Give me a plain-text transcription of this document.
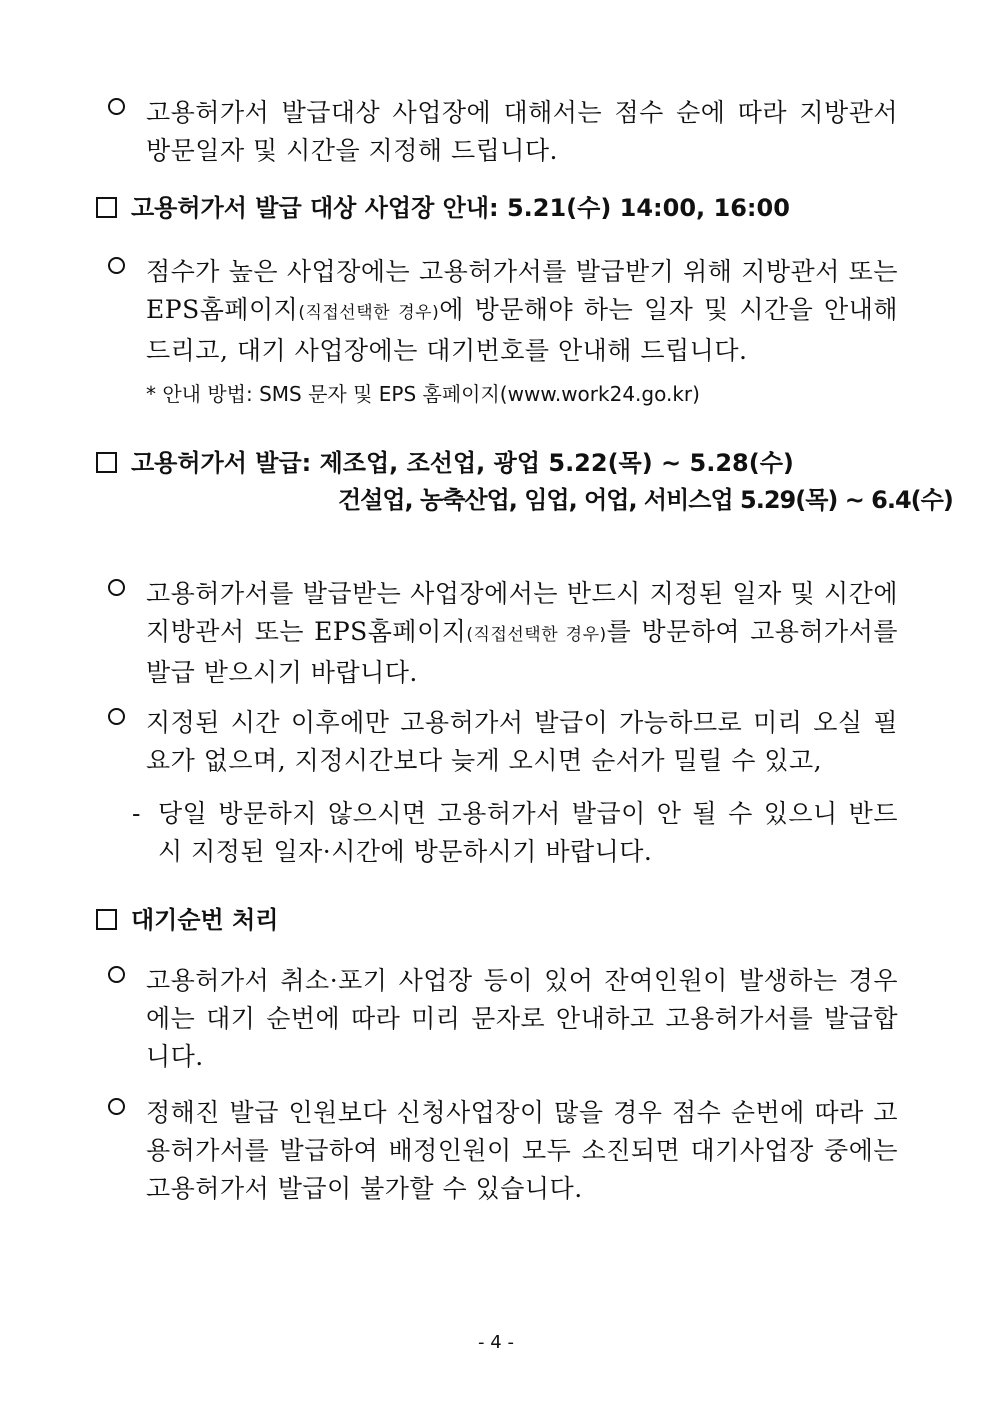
고용허가서 발급대상 사업장에 대해서는 점수 순에 따라 지방관서 방문일자 및 시간을 지정해 드립니다.
고용허가서 발급 대상 사업장 안내: 5.21(수) 14:00, 16:00
점수가 높은 사업장에는 고용허가서를 발급받기 위해 지방관서 또는 EPS홈페이지(직접선택한 경우)에 방문해야 하는 일자 및 시간을 안내해 드리고, 대기 사업장에는 대기번호를 안내해 드립니다.
* 안내 방법: SMS 문자 및 EPS 홈페이지(www.work24.go.kr)
고용허가서 발급: 제조업, 조선업, 광업 5.22(목) ~ 5.28(수)
건설업, 농축산업, 임업, 어업, 서비스업 5.29(목) ~ 6.4(수)
고용허가서를 발급받는 사업장에서는 반드시 지정된 일자 및 시간에 지방관서 또는 EPS홈페이지(직접선택한 경우)를 방문하여 고용허가서를 발급 받으시기 바랍니다.
지정된 시간 이후에만 고용허가서 발급이 가능하므로 미리 오실 필요가 없으며, 지정시간보다 늦게 오시면 순서가 밀릴 수 있고,
- 당일 방문하지 않으시면 고용허가서 발급이 안 될 수 있으니 반드시 지정된 일자·시간에 방문하시기 바랍니다.
대기순번 처리
고용허가서 취소·포기 사업장 등이 있어 잔여인원이 발생하는 경우에는 대기 순번에 따라 미리 문자로 안내하고 고용허가서를 발급합니다.
정해진 발급 인원보다 신청사업장이 많을 경우 점수 순번에 따라 고용허가서를 발급하여 배정인원이 모두 소진되면 대기사업장 중에는 고용허가서 발급이 불가할 수 있습니다.
- 4 -
